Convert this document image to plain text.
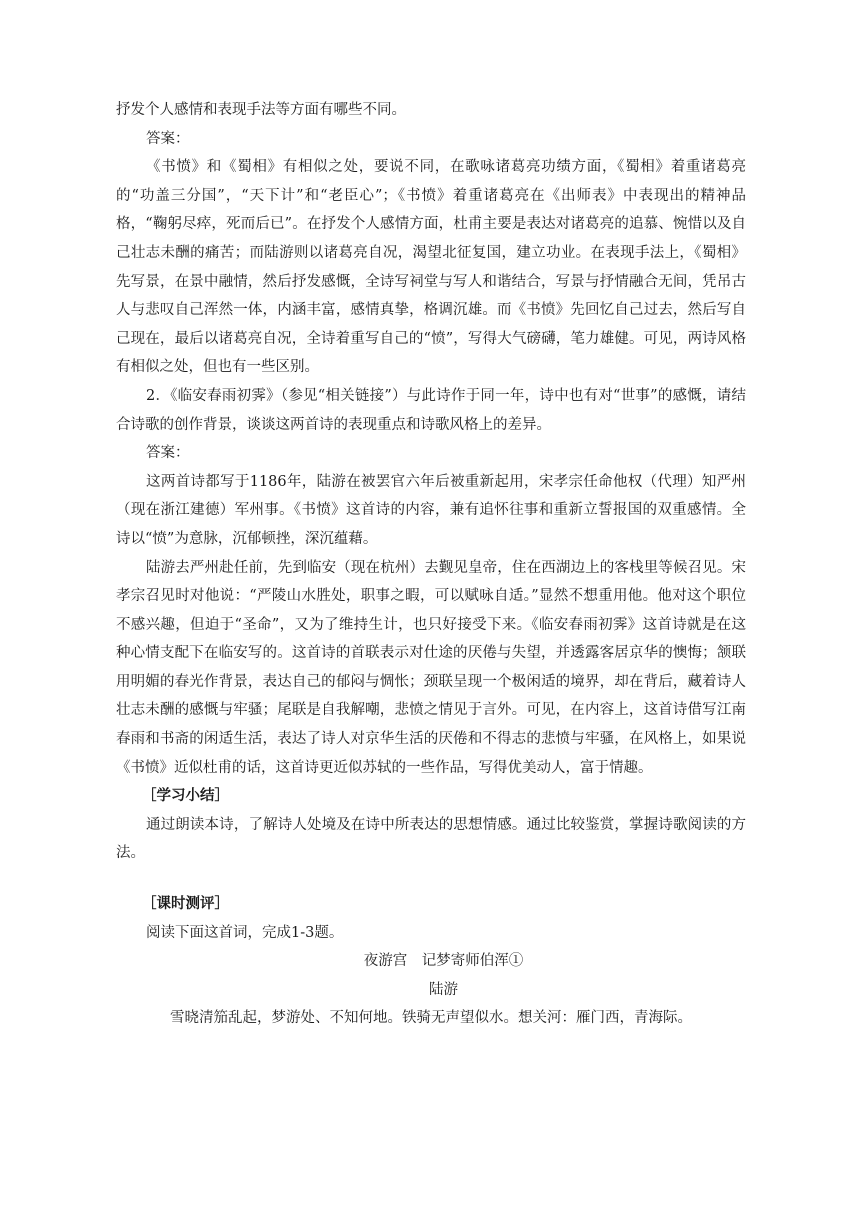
抒发个人感情和表现手法等方面有哪些不同。

答案：

《书愤》和《蜀相》有相似之处，要说不同，在歌咏诸葛亮功绩方面，《蜀相》着重诸葛亮的“功盖三分国”，“天下计”和“老臣心”；《书愤》着重诸葛亮在《出师表》中表现出的精神品格，“鞠躬尽瘁，死而后已”。在抒发个人感情方面，杜甫主要是表达对诸葛亮的追慕、惋惜以及自己壮志未酬的痛苦；而陆游则以诸葛亮自况，渴望北征复国，建立功业。在表现手法上，《蜀相》先写景，在景中融情，然后抒发感慨，全诗写祠堂与写人和谐结合，写景与抒情融合无间，凭吊古人与悲叹自己浑然一体，内涵丰富，感情真挚，格调沉雄。而《书愤》先回忆自己过去，然后写自己现在，最后以诸葛亮自况，全诗着重写自己的“愤”，写得大气磅礴，笔力雄健。可见，两诗风格有相似之处，但也有一些区别。

2．《临安春雨初霁》（参见“相关链接”）与此诗作于同一年，诗中也有对“世事”的感慨，请结合诗歌的创作背景，谈谈这两首诗的表现重点和诗歌风格上的差异。

答案：

这两首诗都写于1186年，陆游在被罢官六年后被重新起用，宋孝宗任命他权（代理）知严州（现在浙江建德）军州事。《书愤》这首诗的内容，兼有追怀往事和重新立誓报国的双重感情。全诗以“愤”为意脉，沉郁顿挫，深沉蕴藉。

陆游去严州赴任前，先到临安（现在杭州）去觐见皇帝，住在西湖边上的客栈里等候召见。宋孝宗召见时对他说：“严陵山水胜处，职事之暇，可以赋咏自适。”显然不想重用他。他对这个职位不感兴趣，但迫于“圣命”，又为了维持生计，也只好接受下来。《临安春雨初霁》这首诗就是在这种心情支配下在临安写的。这首诗的首联表示对仕途的厌倦与失望，并透露客居京华的懊悔；颔联用明媚的春光作背景，表达自己的郁闷与惆怅；颈联呈现一个极闲适的境界，却在背后，藏着诗人壮志未酬的感慨与牢骚；尾联是自我解嘲，悲愤之情见于言外。可见，在内容上，这首诗借写江南春雨和书斋的闲适生活，表达了诗人对京华生活的厌倦和不得志的悲愤与牢骚，在风格上，如果说《书愤》近似杜甫的话，这首诗更近似苏轼的一些作品，写得优美动人，富于情趣。

［学习小结］

通过朗读本诗，了解诗人处境及在诗中所表达的思想情感。通过比较鉴赏，掌握诗歌阅读的方法。

［课时测评］

阅读下面这首词，完成1-3题。

夜游宫　记梦寄师伯浑①

陆游

雪晓清笳乱起，梦游处、不知何地。铁骑无声望似水。想关河：雁门西，青海际。
